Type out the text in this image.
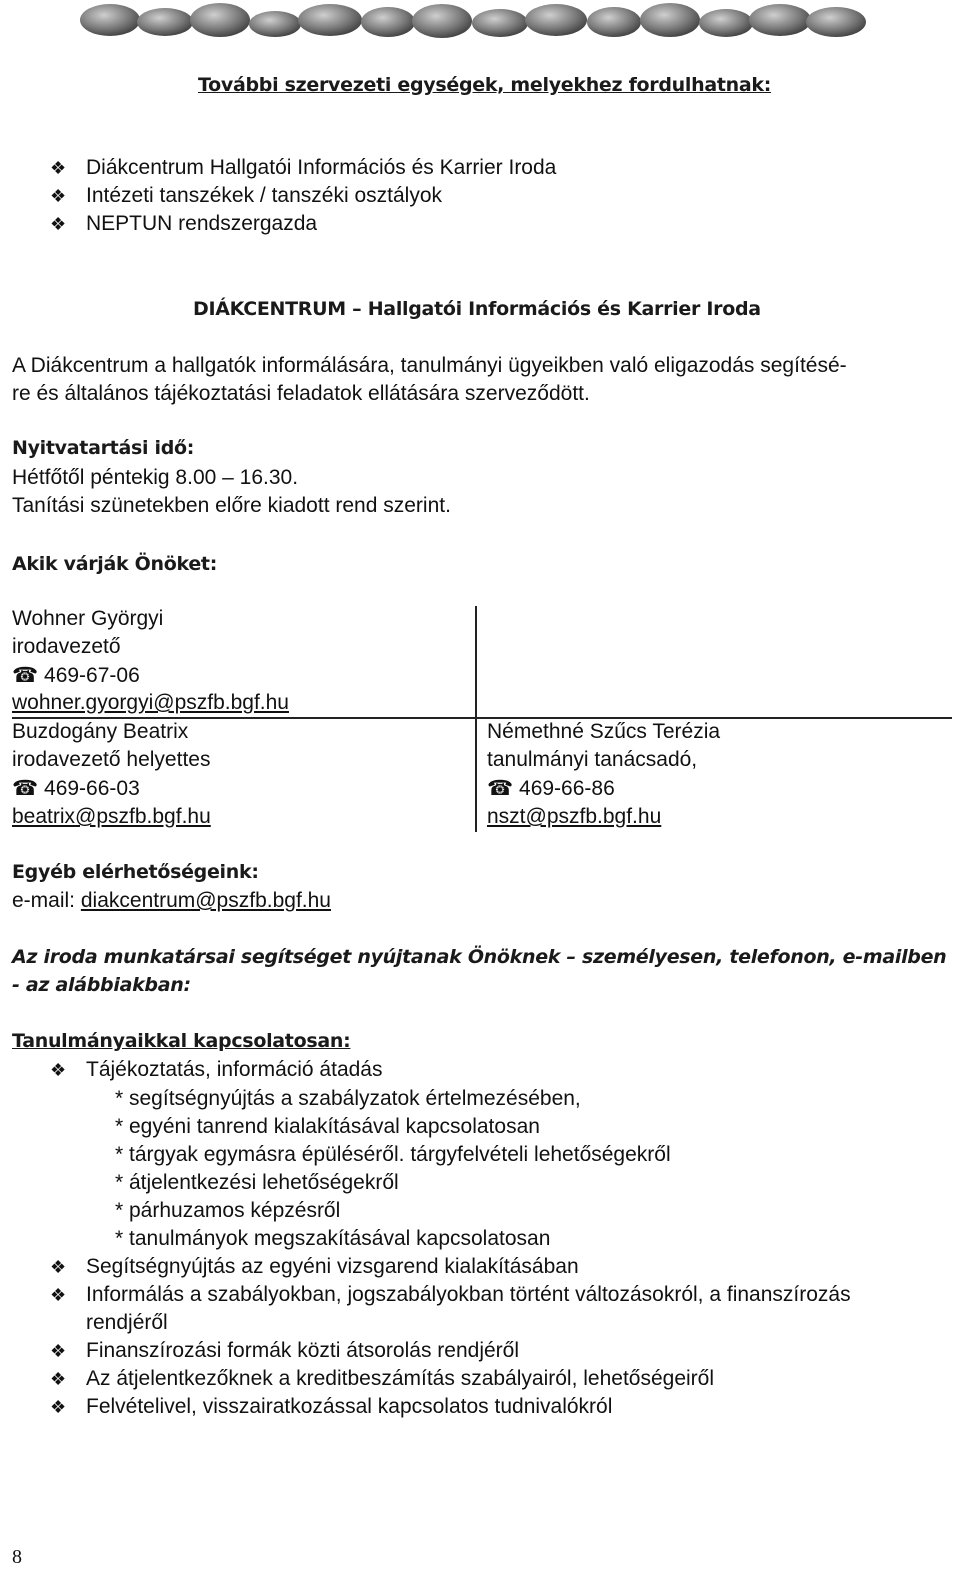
További szervezeti egységek, melyekhez fordulhatnak:
❖ Diákcentrum Hallgatói Információs és Karrier Iroda
❖ Intézeti tanszékek / tanszéki osztályok
❖ NEPTUN rendszergazda
DIÁKCENTRUM – Hallgatói Információs és Karrier Iroda
A Diákcentrum a hallgatók informálására, tanulmányi ügyeikben való eligazodás segítésé-
re és általános tájékoztatási feladatok ellátására szerveződött.
Nyitvatartási idő:
Hétfőtől péntekig 8.00 – 16.30.
Tanítási szünetekben előre kiadott rend szerint.
Akik várják Önöket:
Wohner Györgyi
irodavezető
☎ 469-67-06
wohner.gyorgyi@pszfb.bgf.hu
Buzdogány Beatrix
irodavezető helyettes
☎ 469-66-03
beatrix@pszfb.bgf.hu
Némethné Szűcs Terézia
tanulmányi tanácsadó,
☎ 469-66-86
nszt@pszfb.bgf.hu
Egyéb elérhetőségeink:
e-mail: diakcentrum@pszfb.bgf.hu
Az iroda munkatársai segítséget nyújtanak Önöknek – személyesen, telefonon, e-mailben
- az alábbiakban:
Tanulmányaikkal kapcsolatosan:
❖ Tájékoztatás, információ átadás
* segítségnyújtás a szabályzatok értelmezésében,
* egyéni tanrend kialakításával kapcsolatosan
* tárgyak egymásra épüléséről. tárgyfelvételi lehetőségekről
* átjelentkezési lehetőségekről
* párhuzamos képzésről
* tanulmányok megszakításával kapcsolatosan
❖ Segítségnyújtás az egyéni vizsgarend kialakításában
❖ Informálás a szabályokban, jogszabályokban történt változásokról, a finanszírozás
rendjéről
❖ Finanszírozási formák közti átsorolás rendjéről
❖ Az átjelentkezőknek a kreditbeszámítás szabályairól, lehetőségeiről
❖ Felvételivel, visszairatkozással kapcsolatos tudnivalókról
8
